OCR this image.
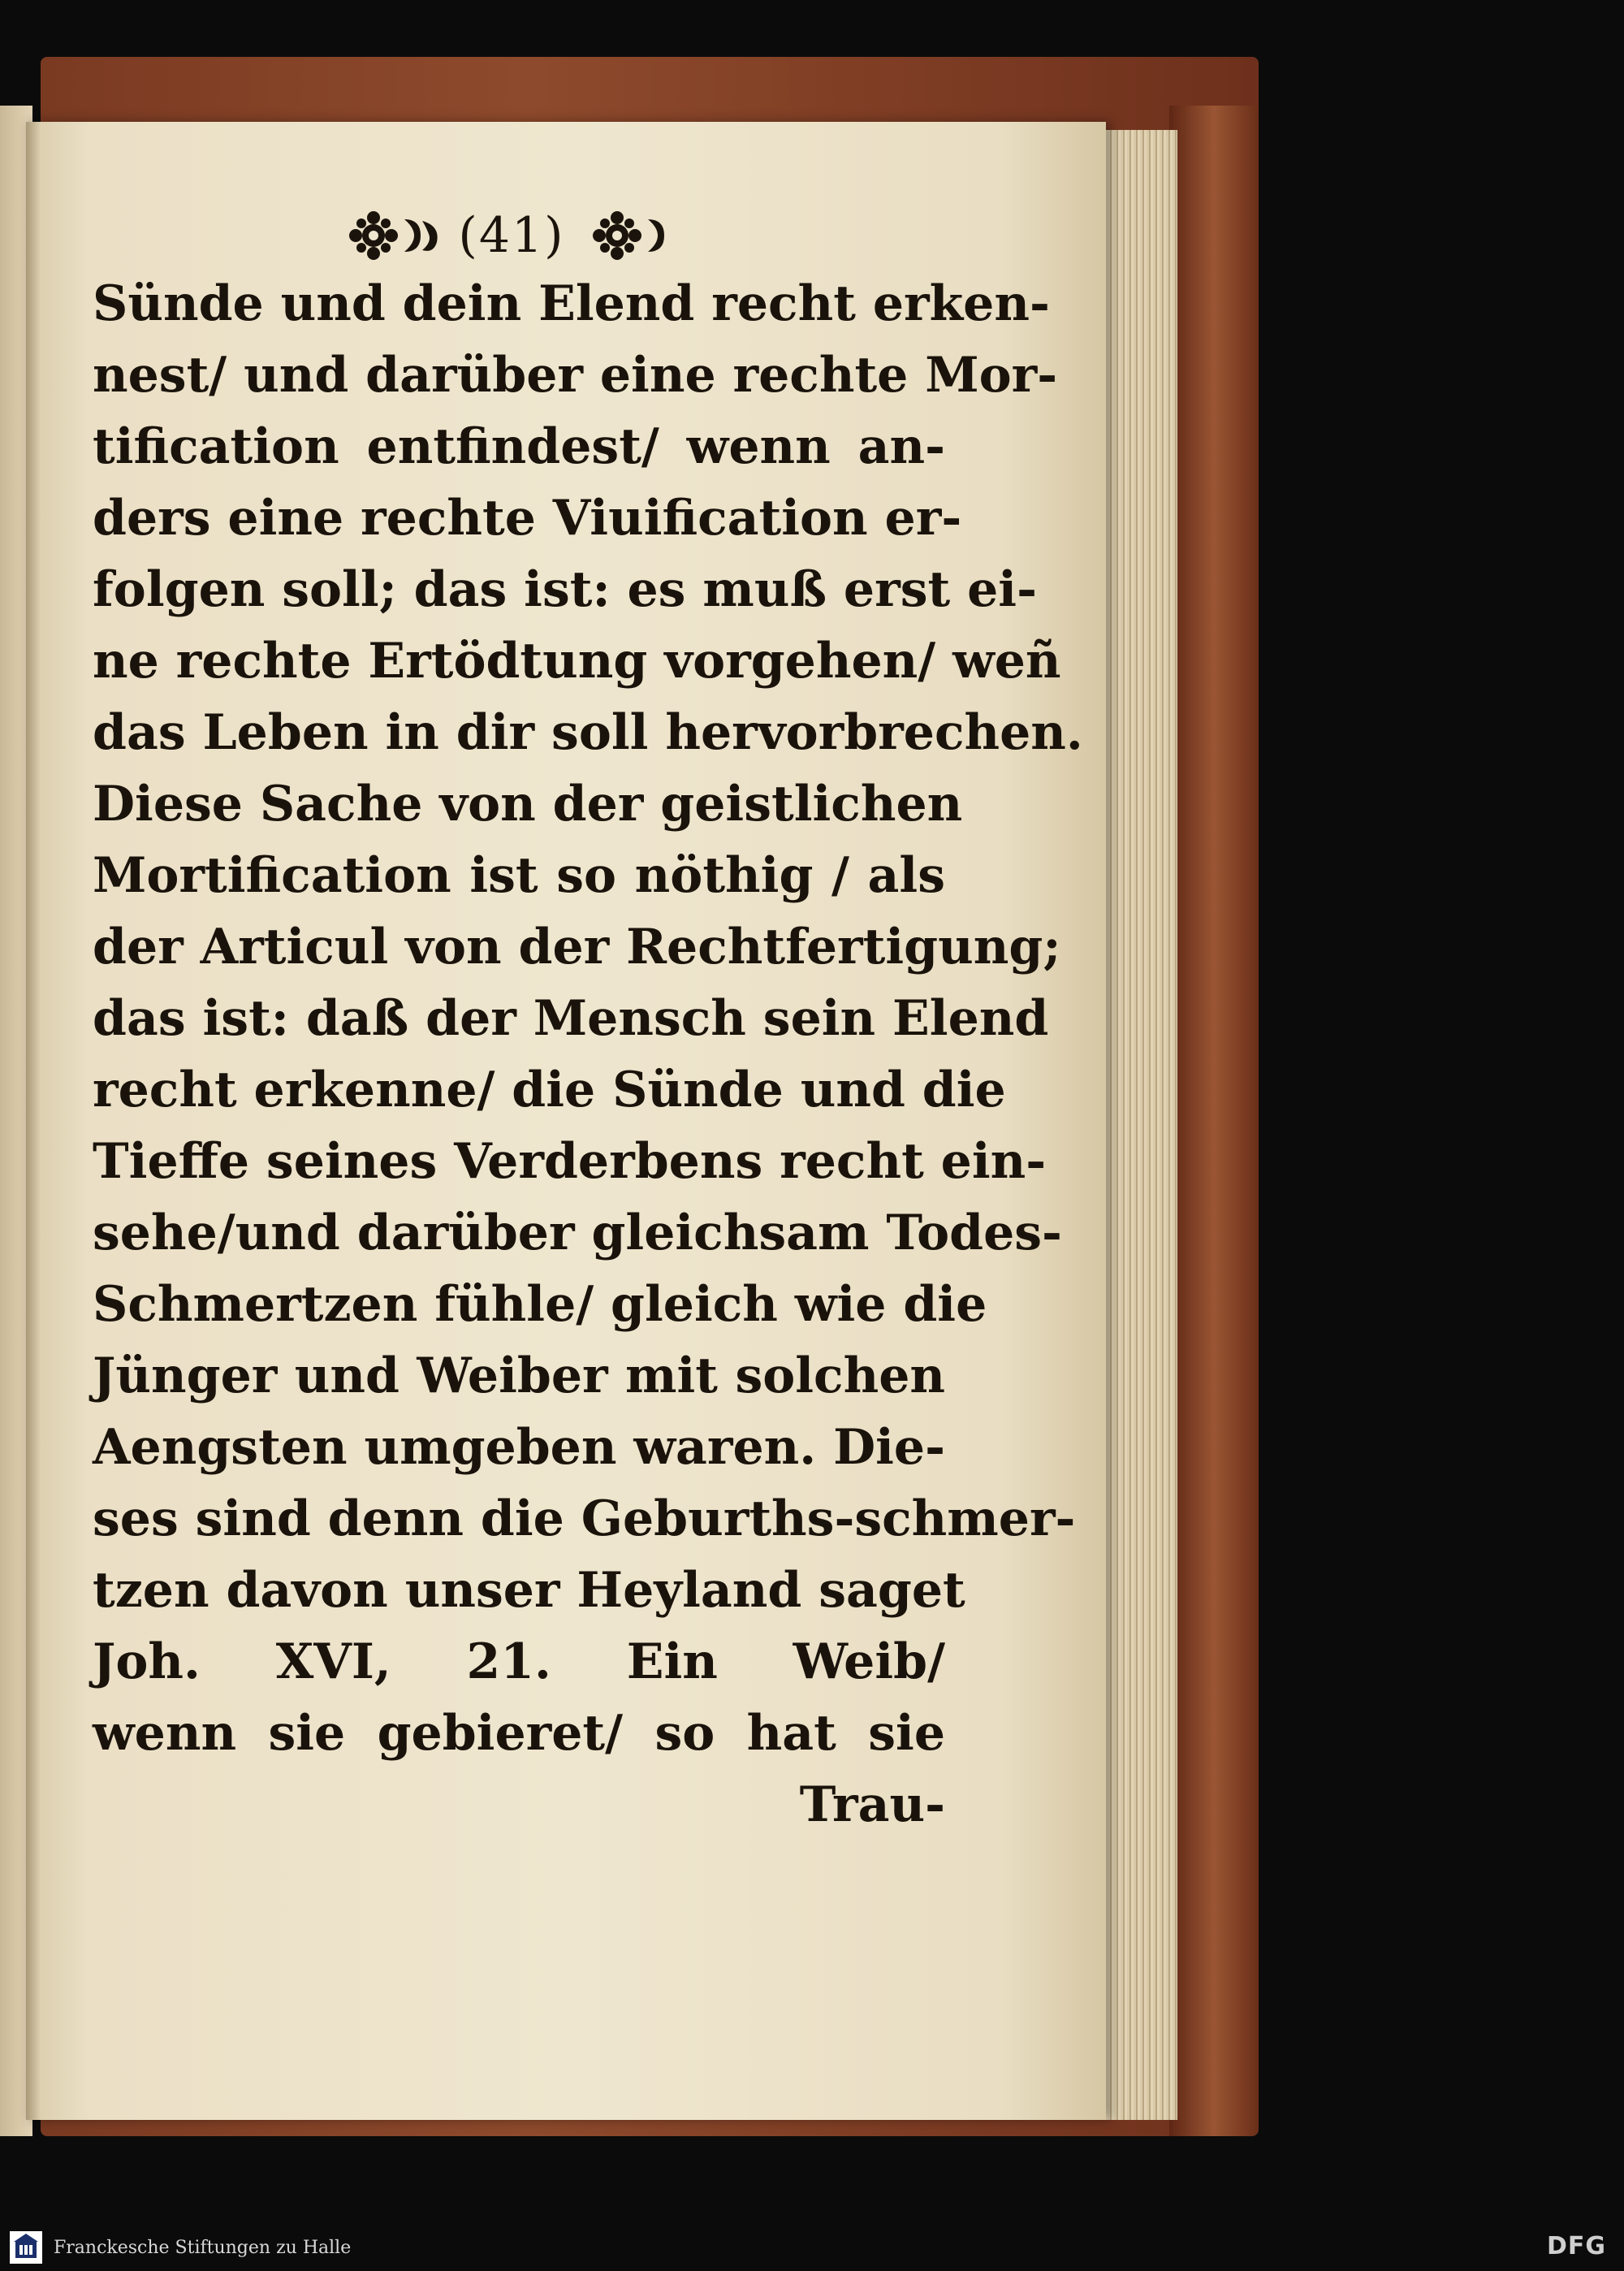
(41)
Sünde und dein Elend recht erken-
nest/ und darüber eine rechte Mor-
tification entfindest/ wenn an-
ders eine rechte Viuification er-
folgen soll; das ist: es muß erst ei-
ne rechte Ertödtung vorgehen/ weñ
das Leben in dir soll hervorbrechen.
Diese Sache von der geistlichen
Mortification ist so nöthig / als
der Articul von der Rechtfertigung;
das ist: daß der Mensch sein Elend
recht erkenne/ die Sünde und die
Tieffe seines Verderbens recht ein-
sehe/und darüber gleichsam Todes-
Schmertzen fühle/ gleich wie die
Jünger und Weiber mit solchen
Aengsten umgeben waren. Die-
ses sind denn die Geburths-schmer-
tzen davon unser Heyland saget
Joh. XVI, 21. Ein Weib/
wenn sie gebieret/ so hat sie
Trau-
Franckesche Stiftungen zu Halle	DFG
